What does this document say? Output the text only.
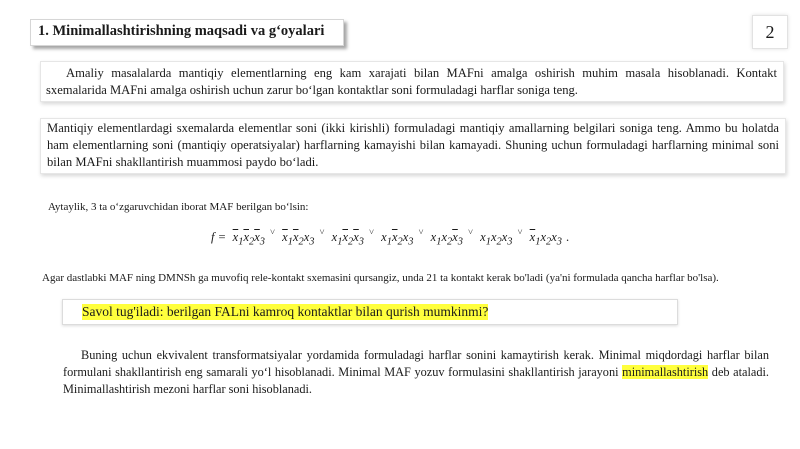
1. Minimallashtirishning maqsadi va g‘oyalari	2

Amaliy masalalarda mantiqiy elementlarning eng kam xarajati bilan MAFni amalga oshirish muhim masala hisoblanadi. Kontakt sxemalarida MAFni amalga oshirish uchun zarur bo‘lgan kontaktlar soni formuladagi harflar soniga teng.

Mantiqiy elementlardagi sxemalarda elementlar soni (ikki kirishli) formuladagi mantiqiy amallarning belgilari soniga teng. Ammo bu holatda ham elementlarning soni (mantiqiy operatsiyalar) harflarning kamayishi bilan kamayadi. Shuning uchun formuladagi harflarning minimal soni bilan MAFni shakllantirish muammosi paydo bo‘ladi.

Aytaylik, 3 ta o‘zgaruvchidan iborat MAF berilgan bo‘lsin:
$f = \overline{x}_1\overline{x}_2\overline{x}_3^˅$ $\overline{x}_1\overline{x}_2x_3^˅$ $x_1\overline{x}_2\overline{x}_3^˅$ $x_1\overline{x}_2x_3^˅$ $x_1x_2\overline{x}_3^˅$ $x_1x_2x_3^˅$ $\overline{x}_1x_2x_3$ .
Agar dastlabki MAF ning DMNSh ga muvofiq rele-kontakt sxemasini qursangiz, unda 21 ta kontakt kerak bo'ladi (ya'ni formulada qancha harflar bo'lsa).
Savol tug'iladi: berilgan FALni kamroq kontaktlar bilan qurish mumkinmi?
Buning uchun ekvivalent transformatsiyalar yordamida formuladagi harflar sonini kamaytirish kerak. Minimal miqdordagi harflar bilan formulani shakllantirish eng samarali yo‘l hisoblanadi. Minimal MAF yozuv formulasini shakllantirish jarayoni minimallashtirish deb ataladi. Minimallashtirish mezoni harflar soni hisoblanadi.
